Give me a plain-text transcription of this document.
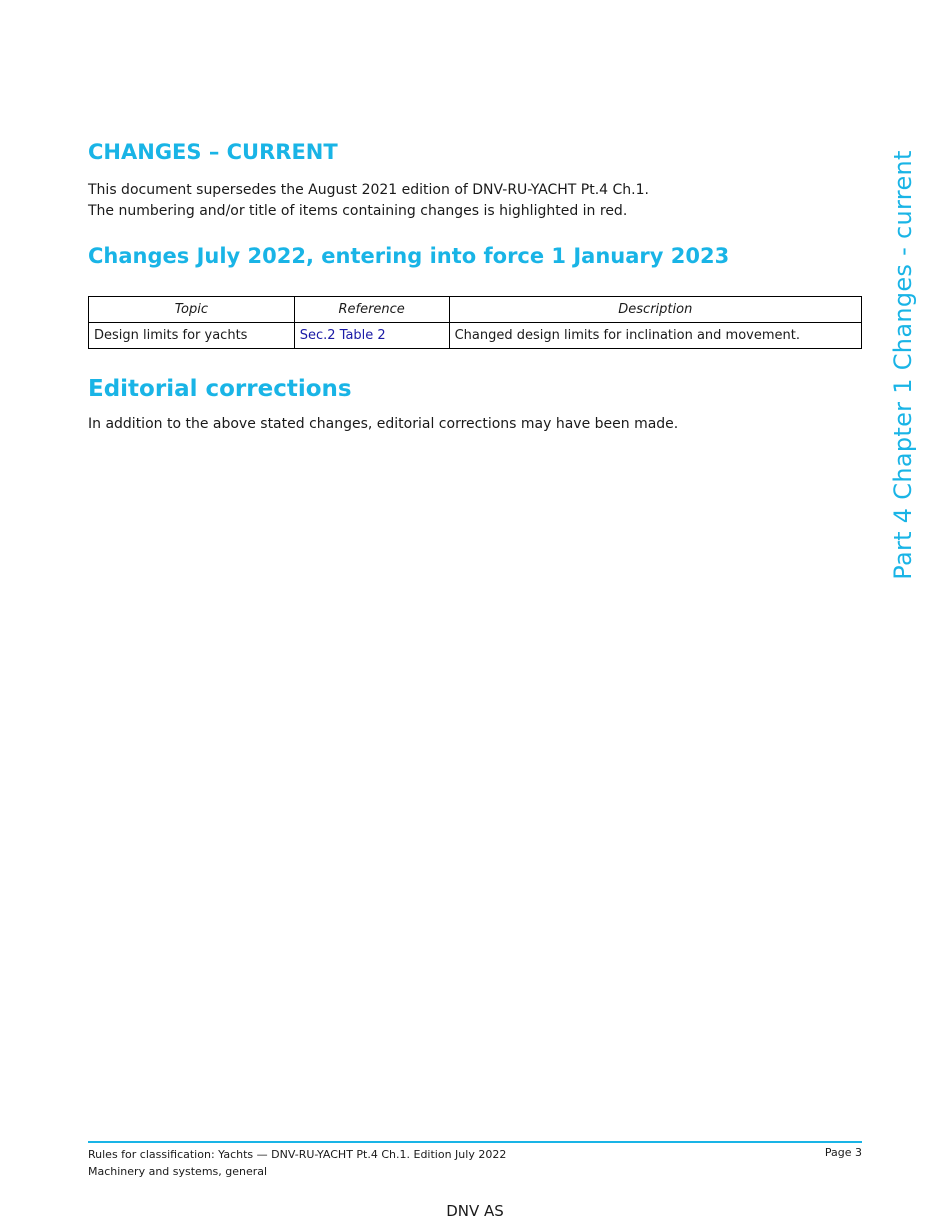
CHANGES – CURRENT
This document supersedes the August 2021 edition of DNV-RU-YACHT Pt.4 Ch.1.
The numbering and/or title of items containing changes is highlighted in red.
Changes July 2022, entering into force 1 January 2023
Topic	Reference	Description
Design limits for yachts	Sec.2 Table 2	Changed design limits for inclination and movement.
Editorial corrections
In addition to the above stated changes, editorial corrections may have been made.	Part 4 Chapter 1 Changes - current
Rules for classification: Yachts — DNV-RU-YACHT Pt.4 Ch.1. Edition July 2022
Machinery and systems, general
Page 3
DNV AS
